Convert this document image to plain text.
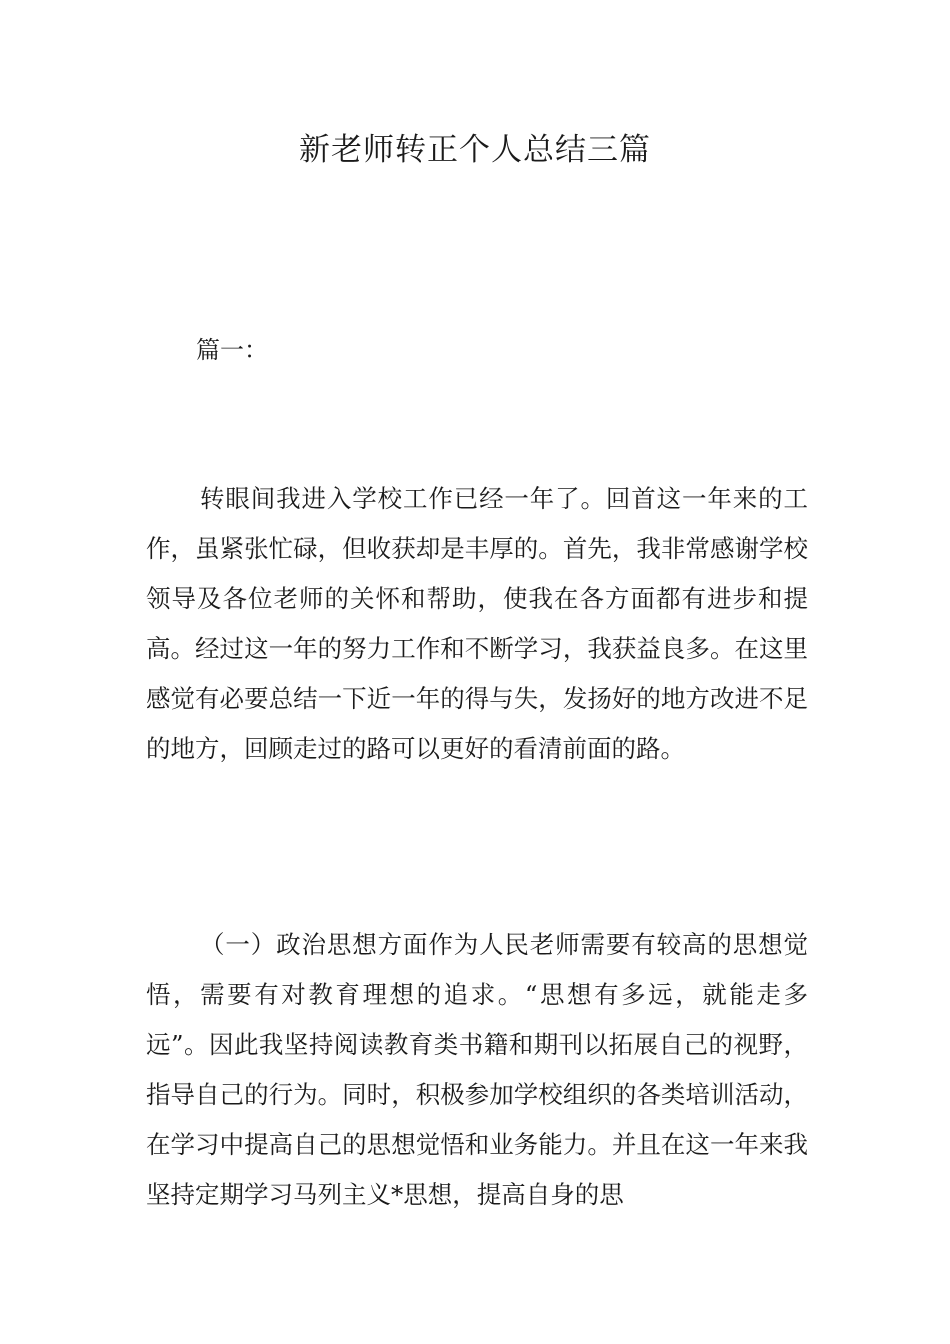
新老师转正个人总结三篇

篇一：

转眼间我进入学校工作已经一年了。回首这一年来的工作，虽紧张忙碌，但收获却是丰厚的。首先，我非常感谢学校领导及各位老师的关怀和帮助，使我在各方面都有进步和提高。经过这一年的努力工作和不断学习，我获益良多。在这里感觉有必要总结一下近一年的得与失，发扬好的地方改进不足的地方，回顾走过的路可以更好的看清前面的路。

（一）政治思想方面作为人民老师需要有较高的思想觉悟，需要有对教育理想的追求。“思想有多远，就能走多远”。因此我坚持阅读教育类书籍和期刊以拓展自己的视野，指导自己的行为。同时，积极参加学校组织的各类培训活动，在学习中提高自己的思想觉悟和业务能力。并且在这一年来我坚持定期学习马列主义*思想，提高自身的思
